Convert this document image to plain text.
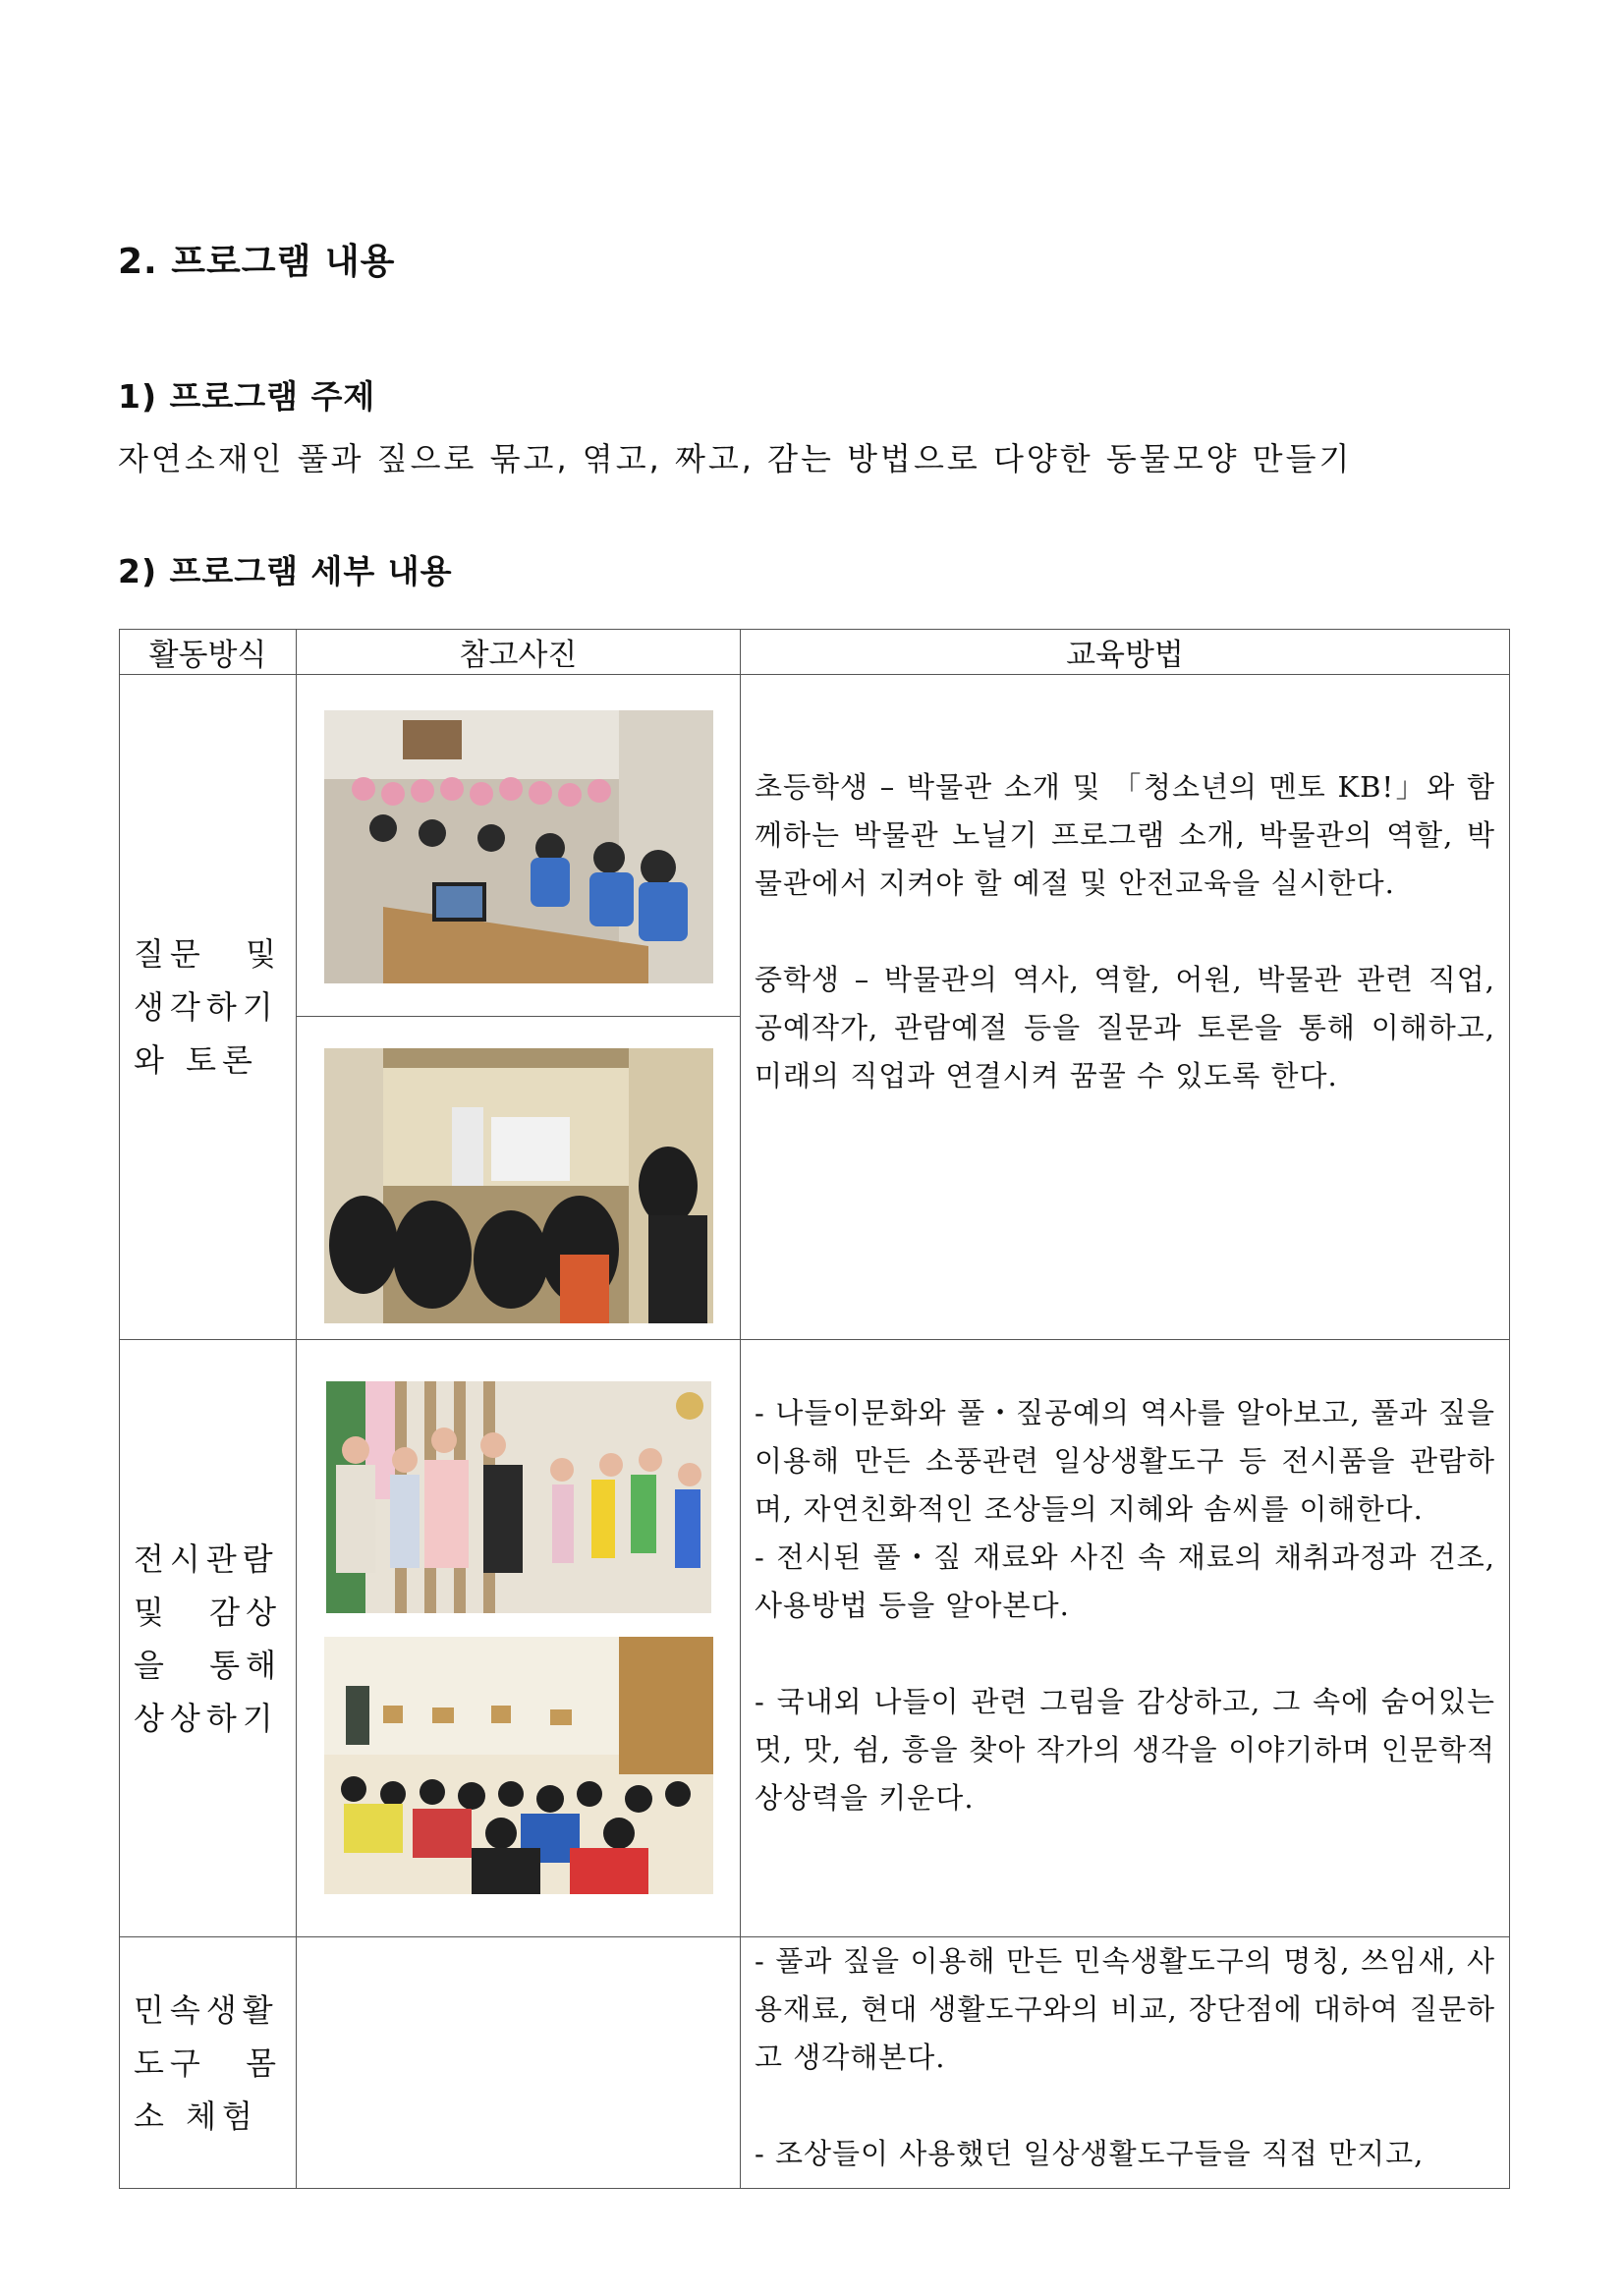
2. 프로그램 내용
1) 프로그램 주제
자연소재인 풀과 짚으로 묶고, 엮고, 짜고, 감는 방법으로 다양한 동물모양 만들기
2) 프로그램 세부 내용
활동방식	참고사진	교육방법
질문 및 생각하기 와 토론		초등학생 – 박물관 소개 및 「청소년의 멘토 KB!」와 함께하는 박물관 노닐기 프로그램 소개, 박물관의 역할, 박물관에서 지켜야 할 예절 및 안전교육을 실시한다.

중학생 – 박물관의 역사, 역할, 어원, 박물관 관련 직업, 공예작가, 관람예절 등을 질문과 토론을 통해 이해하고, 미래의 직업과 연결시켜 꿈꿀 수 있도록 한다.

전시관람 및 감상을 통해 상상하기		- 나들이문화와 풀・짚공예의 역사를 알아보고, 풀과 짚을 이용해 만든 소풍관련 일상생활도구 등 전시품을 관람하며, 자연친화적인 조상들의 지혜와 솜씨를 이해한다.

- 전시된 풀・짚 재료와 사진 속 재료의 채취과정과 건조, 사용방법 등을 알아본다.

- 국내외 나들이 관련 그림을 감상하고, 그 속에 숨어있는 멋, 맛, 쉼, 흥을 찾아 작가의 생각을 이야기하며 인문학적 상상력을 키운다.

민속생활 도구 몸소 체험		- 풀과 짚을 이용해 만든 민속생활도구의 명칭, 쓰임새, 사용재료, 현대 생활도구와의 비교, 장단점에 대하여 질문하고 생각해본다.

- 조상들이 사용했던 일상생활도구들을 직접 만지고,
